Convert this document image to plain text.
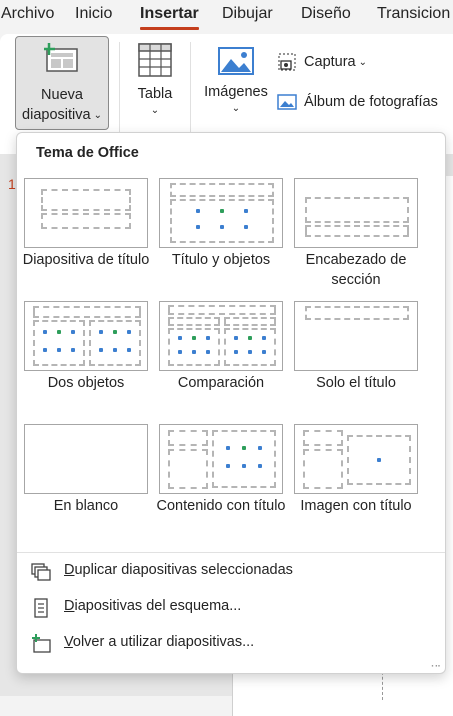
Archivo Inicio Insertar Dibujar Diseño Transicion
Nueva
diapositiva ⌄
Tabla
⌄
Imágenes
⌄
Captura ⌄
Álbum de fotografías
1
Tema de Office
Diapositiva de título	Título y objetos	Encabezado de sección
Dos objetos	Comparación	Solo el título
En blanco	Contenido con título	Imagen con título
Duplicar diapositivas seleccionadas
Diapositivas del esquema...
Volver a utilizar diapositivas...
⠠⠤
